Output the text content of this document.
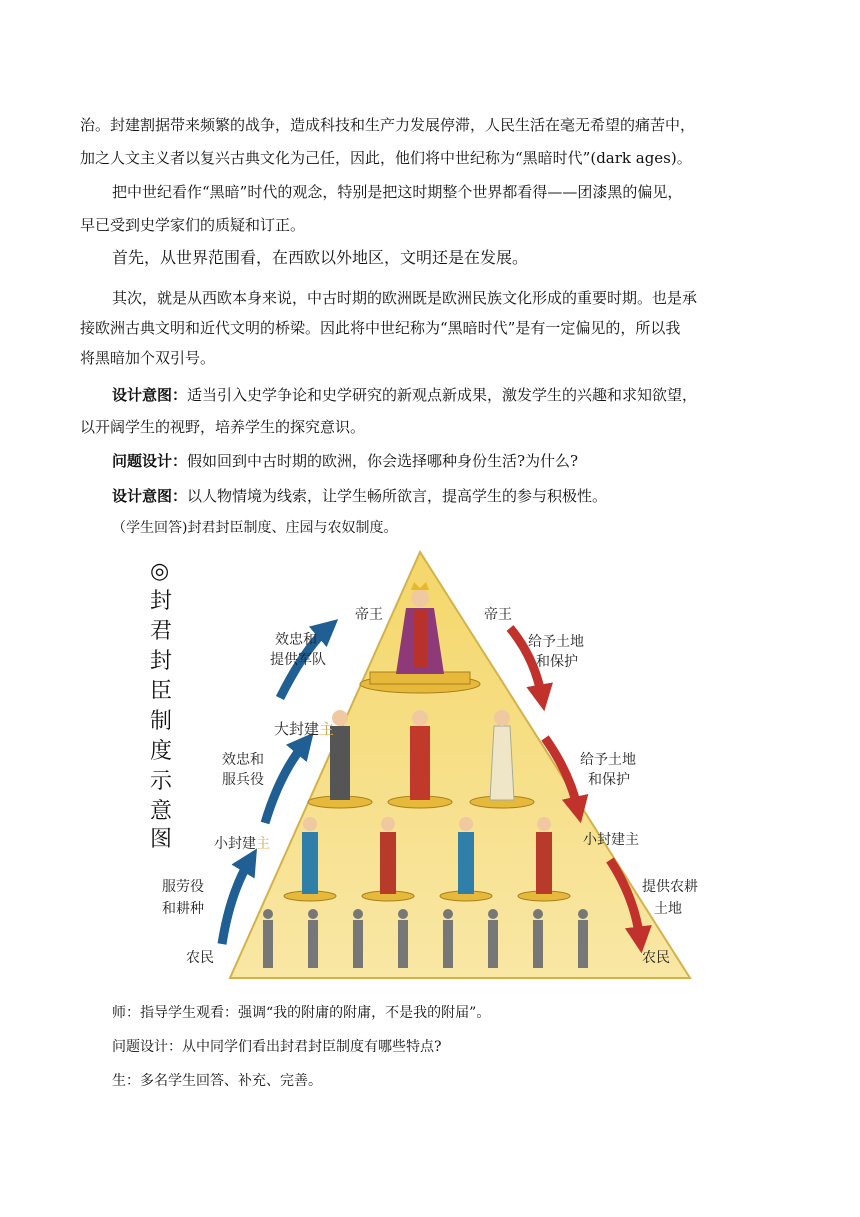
治。封建割据带来频繁的战争，造成科技和生产力发展停滞，人民生活在毫无希望的痛苦中，

加之人文主义者以复兴古典文化为己任，因此，他们将中世纪称为“黑暗时代”(dark ages)。

把中世纪看作“黑暗”时代的观念，特别是把这时期整个世界都看得——团漆黑的偏见，

早已受到史学家们的质疑和订正。

首先，从世界范围看，在西欧以外地区，文明还是在发展。

其次，就是从西欧本身来说，中古时期的欧洲既是欧洲民族文化形成的重要时期。也是承

接欧洲古典文明和近代文明的桥梁。因此将中世纪称为“黑暗时代”是有一定偏见的，所以我

将黑暗加个双引号。

设计意图：适当引入史学争论和史学研究的新观点新成果，激发学生的兴趣和求知欲望，

以开阔学生的视野，培养学生的探究意识。

问题设计：假如回到中古时期的欧洲，你会选择哪种身份生活?为什么?

设计意图：以人物情境为线索，让学生畅所欲言，提高学生的参与积极性。

（学生回答)封君封臣制度、庄园与农奴制度。

◎
封
君
封
臣
制
度
示
意
图
帝王
效忠和
提供军队
大封建主
效忠和
服兵役
小封建主
服劳役
和耕种
农民
帝王
给予土地
和保护
给予土地
和保护
小封建主
提供农耕
土地
农民

师：指导学生观看：强调“我的附庸的附庸，不是我的附届”。

问题设计：从中同学们看出封君封臣制度有哪些特点?

生：多名学生回答、补充、完善。
